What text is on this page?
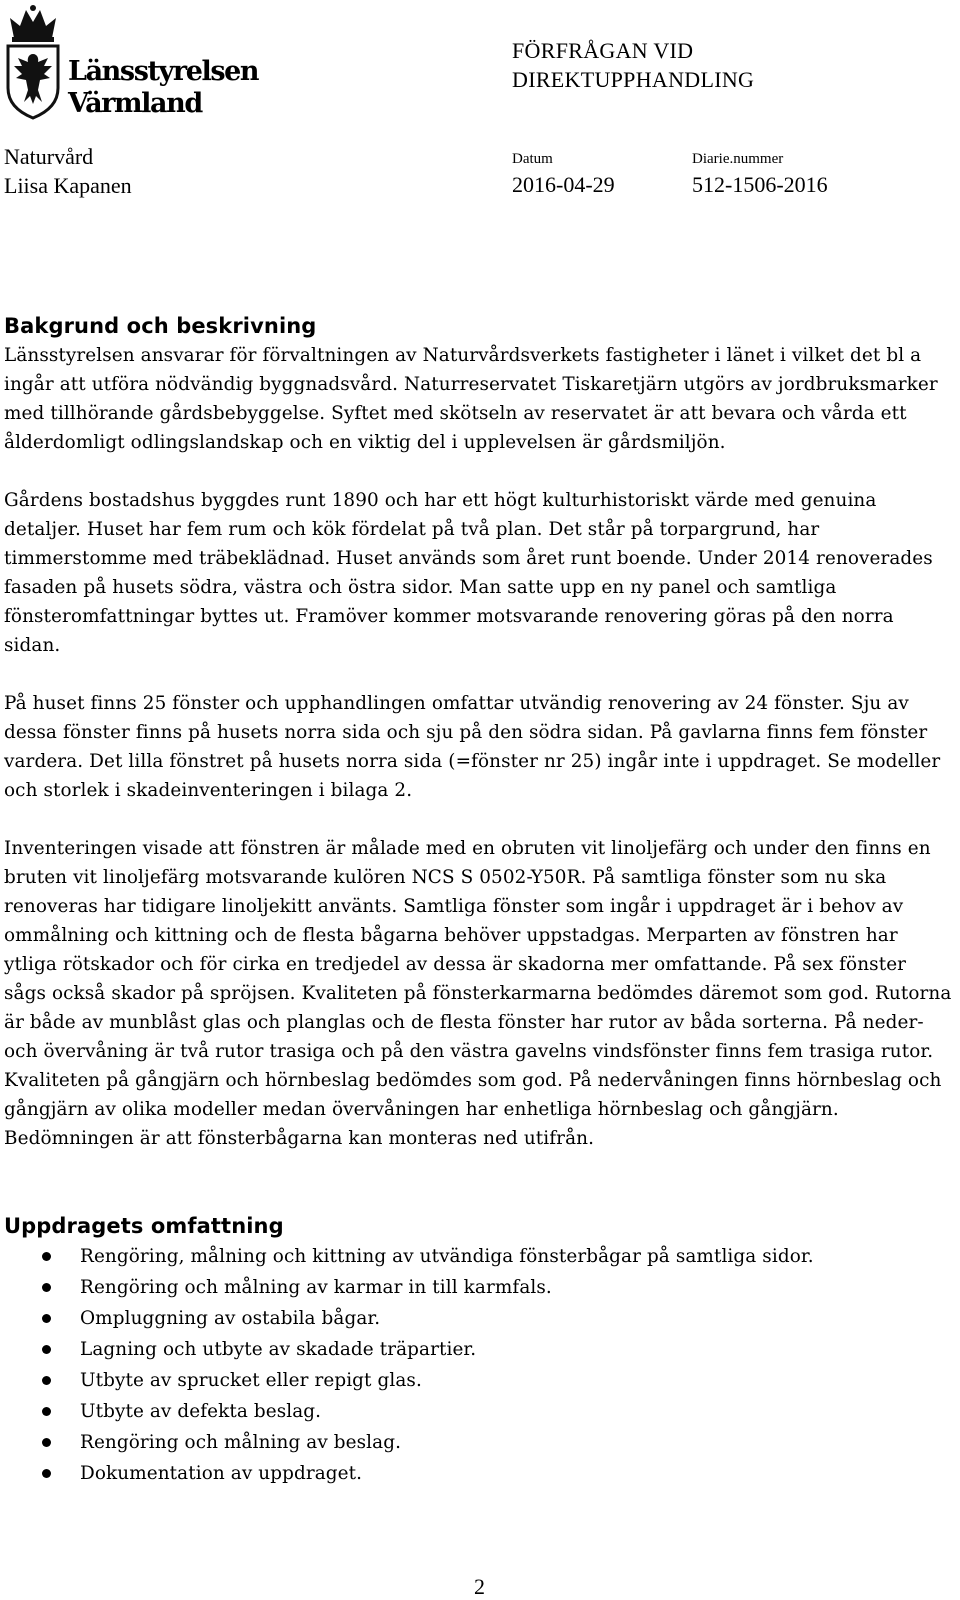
Länsstyrelsen
Värmland
FÖRFRÅGAN VID
DIREKTUPPHANDLING
Naturvård
Liisa Kapanen
Datum
2016-04-29
Diarie.nummer
512-1506-2016
Bakgrund och beskrivning

Länsstyrelsen ansvarar för förvaltningen av Naturvårdsverkets fastigheter i länet i vilket det bl a ingår att utföra nödvändig byggnadsvård. Naturreservatet Tiskaretjärn utgörs av jordbruksmarker med tillhörande gårdsbebyggelse. Syftet med skötseln av reservatet är att bevara och vårda ett ålderdomligt odlingslandskap och en viktig del i upplevelsen är gårdsmiljön.

Gårdens bostadshus byggdes runt 1890 och har ett högt kulturhistoriskt värde med genuina detaljer. Huset har fem rum och kök fördelat på två plan. Det står på torpargrund, har timmerstomme med träbeklädnad. Huset används som året runt boende. Under 2014 renoverades fasaden på husets södra, västra och östra sidor. Man satte upp en ny panel och samtliga fönsteromfattningar byttes ut. Framöver kommer motsvarande renovering göras på den norra sidan.

På huset finns 25 fönster och upphandlingen omfattar utvändig renovering av 24 fönster. Sju av dessa fönster finns på husets norra sida och sju på den södra sidan. På gavlarna finns fem fönster vardera. Det lilla fönstret på husets norra sida (=fönster nr 25) ingår inte i uppdraget. Se modeller och storlek i skadeinventeringen i bilaga 2.

Inventeringen visade att fönstren är målade med en obruten vit linoljefärg och under den finns en bruten vit linoljefärg motsvarande kulören NCS S 0502-Y50R. På samtliga fönster som nu ska renoveras har tidigare linoljekitt använts. Samtliga fönster som ingår i uppdraget är i behov av ommålning och kittning och de flesta bågarna behöver uppstadgas. Merparten av fönstren har ytliga rötskador och för cirka en tredjedel av dessa är skadorna mer omfattande. På sex fönster sågs också skador på spröjsen. Kvaliteten på fönsterkarmarna bedömdes däremot som god. Rutorna är både av munblåst glas och planglas och de flesta fönster har rutor av båda sorterna. På neder- och övervåning är två rutor trasiga och på den västra gavelns vindsfönster finns fem trasiga rutor. Kvaliteten på gångjärn och hörnbeslag bedömdes som god. På nedervåningen finns hörnbeslag och gångjärn av olika modeller medan övervåningen har enhetliga hörnbeslag och gångjärn. Bedömningen är att fönsterbågarna kan monteras ned utifrån.

Uppdragets omfattning
Rengöring, målning och kittning av utvändiga fönsterbågar på samtliga sidor.
Rengöring och målning av karmar in till karmfals.
Ompluggning av ostabila bågar.
Lagning och utbyte av skadade träpartier.
Utbyte av sprucket eller repigt glas.
Utbyte av defekta beslag.
Rengöring och målning av beslag.
Dokumentation av uppdraget.
2
